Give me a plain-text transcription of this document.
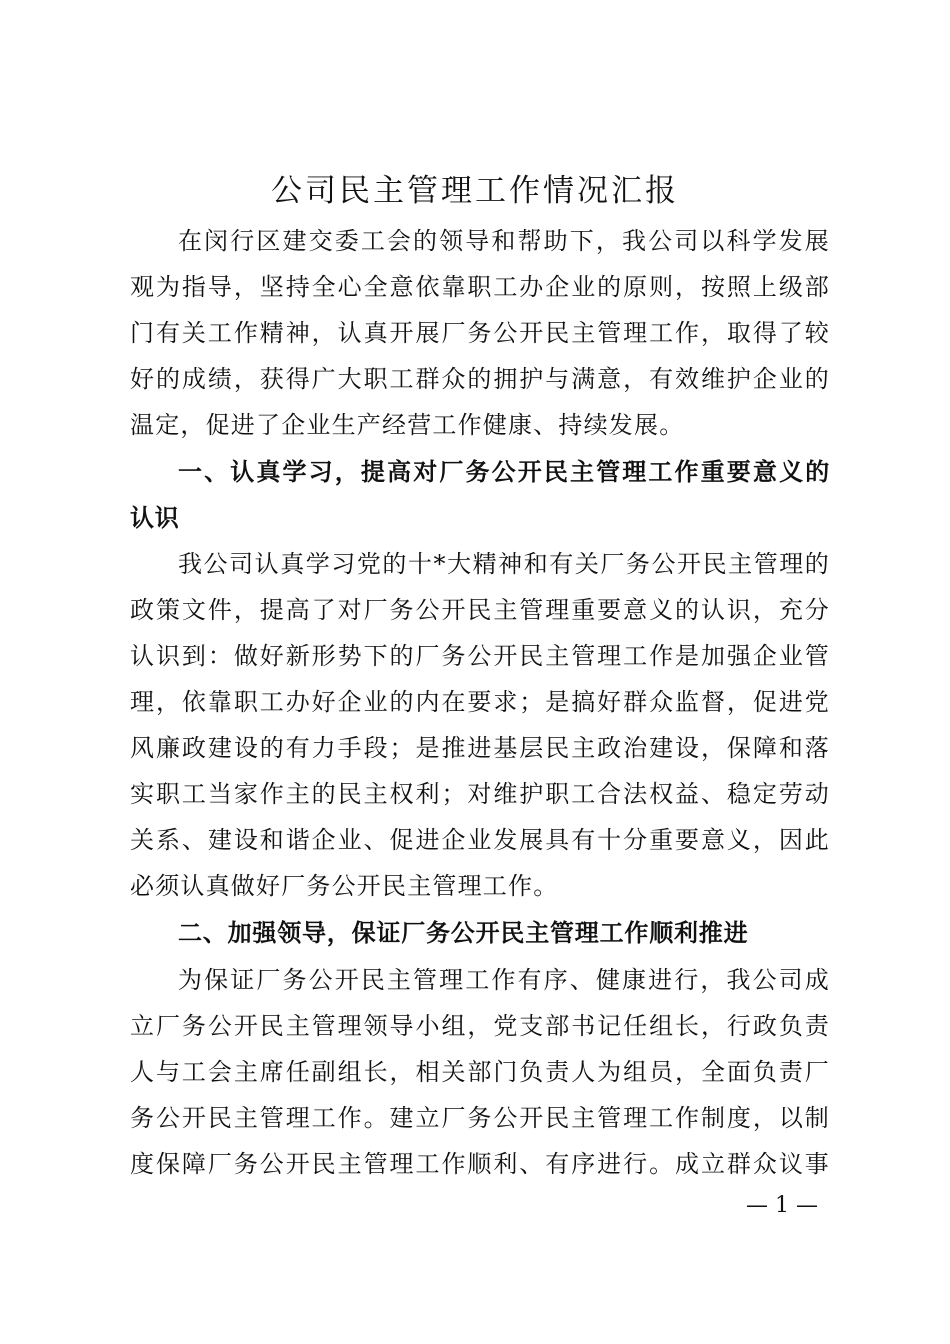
公司民主管理工作情况汇报
在闵行区建交委工会的领导和帮助下，我公司以科学发展
观为指导，坚持全心全意依靠职工办企业的原则，按照上级部
门有关工作精神，认真开展厂务公开民主管理工作，取得了较
好的成绩，获得广大职工群众的拥护与满意，有效维护企业的
温定，促进了企业生产经营工作健康、持续发展。
一、认真学习，提高对厂务公开民主管理工作重要意义的
认识
我公司认真学习党的十*大精神和有关厂务公开民主管理的
政策文件，提高了对厂务公开民主管理重要意义的认识，充分
认识到：做好新形势下的厂务公开民主管理工作是加强企业管
理，依靠职工办好企业的内在要求；是搞好群众监督，促进党
风廉政建设的有力手段；是推进基层民主政治建设，保障和落
实职工当家作主的民主权利；对维护职工合法权益、稳定劳动
关系、建设和谐企业、促进企业发展具有十分重要意义，因此
必须认真做好厂务公开民主管理工作。
二、加强领导，保证厂务公开民主管理工作顺利推进
为保证厂务公开民主管理工作有序、健康进行，我公司成
立厂务公开民主管理领导小组，党支部书记任组长，行政负责
人与工会主席任副组长，相关部门负责人为组员，全面负责厂
务公开民主管理工作。建立厂务公开民主管理工作制度，以制
度保障厂务公开民主管理工作顺利、有序进行。成立群众议事
— 1 —
